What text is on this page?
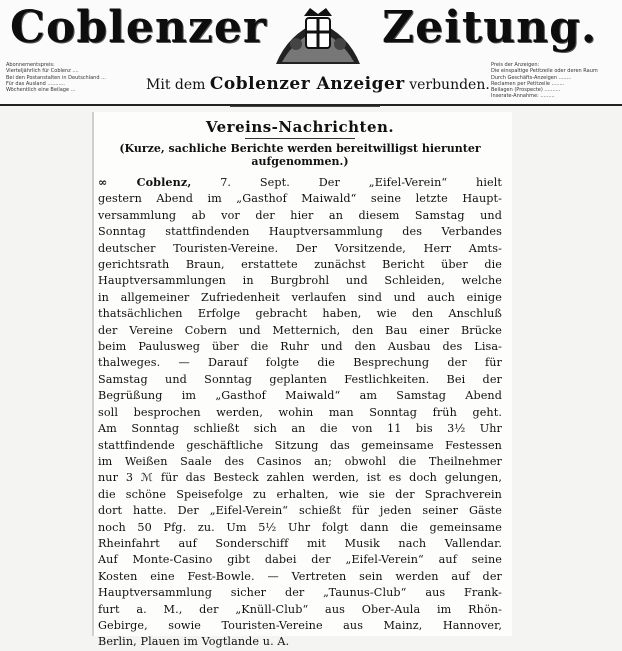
Coblenzer	Zeitung.
Abonnementspreis:
Vierteljährlich für Coblenz ....
Bei den Postanstalten in Deutschland ...
Für das Ausland ...........
Wöchentlich eine Beilage ...	Mit dem Coblenzer Anzeiger verbunden.
Preis der Anzeigen:
Die einspaltige Petitzeile oder deren Raum
Durch Geschäfts-Anzeigen ........
Reclamen per Petitzeile ........
Beilagen (Prospecte) ..........
Inserate-Annahme: .........
Vereins-Nachrichten.
(Kurze, sachliche Berichte werden bereitwilligst hierunter
aufgenommen.)
∞ Coblenz,	7. Sept. Der „Eifel-Verein“ hielt
gestern Abend im „Gasthof Maiwald“ seine letzte Haupt-
versammlung ab vor der hier an diesem Samstag und
Sonntag stattfindenden Hauptversammlung des Verbandes
deutscher Touristen-Vereine. Der Vorsitzende, Herr Amts-
gerichtsrath Braun, erstattete zunächst Bericht über die
Hauptversammlungen in Burgbrohl und Schleiden, welche
in allgemeiner Zufriedenheit verlaufen sind und auch einige
thatsächlichen Erfolge gebracht haben, wie den Anschluß
der Vereine Cobern und Metternich, den Bau einer Brücke
beim Paulusweg über die Ruhr und den Ausbau des Lisa-
thalweges. — Darauf folgte die Besprechung der für
Samstag und Sonntag geplanten Festlichkeiten. Bei der
Begrüßung im „Gasthof Maiwald“ am Samstag Abend
soll besprochen werden, wohin man Sonntag früh geht.
Am Sonntag schließt sich an die von 11 bis 3½ Uhr
stattfindende geschäftliche Sitzung das gemeinsame Festessen
im Weißen Saale des Casinos an; obwohl die Theilnehmer
nur 3 ℳ für das Besteck zahlen werden, ist es doch gelungen,
die schöne Speisefolge zu erhalten, wie sie der Sprachverein
dort hatte. Der „Eifel-Verein“ schießt für jeden seiner Gäste
noch 50 Pfg. zu. Um 5½ Uhr folgt dann die gemeinsame
Rheinfahrt auf Sonderschiff mit Musik nach Vallendar.
Auf Monte-Casino gibt dabei der „Eifel-Verein“ auf seine
Kosten eine Fest-Bowle. — Vertreten sein werden auf der
Hauptversammlung sicher der „Taunus-Club“ aus Frank-
furt a. M., der „Knüll-Club“ aus Ober-Aula im Rhön-
Gebirge, sowie Touristen-Vereine aus Mainz, Hannover,
Berlin, Plauen im Vogtlande u. A.
